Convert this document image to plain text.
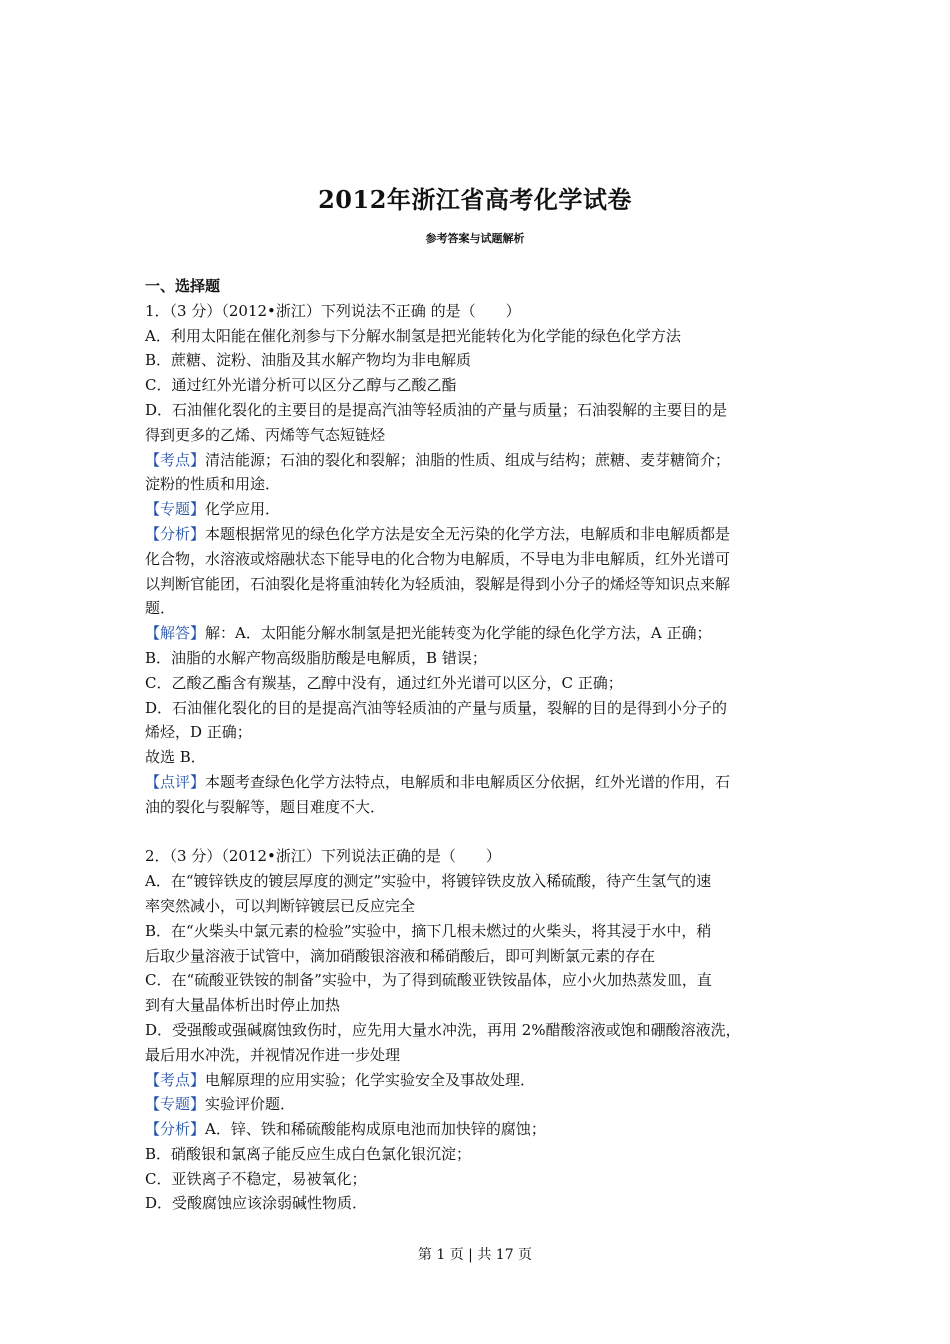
2012年浙江省高考化学试卷
参考答案与试题解析
一、选择题
1．（3 分）（2012•浙江）下列说法不正确 的是（　　）
A．利用太阳能在催化剂参与下分解水制氢是把光能转化为化学能的绿色化学方法
B．蔗糖、淀粉、油脂及其水解产物均为非电解质
C．通过红外光谱分析可以区分乙醇与乙酸乙酯
D．石油催化裂化的主要目的是提高汽油等轻质油的产量与质量；石油裂解的主要目的是
得到更多的乙烯、丙烯等气态短链烃
【考点】清洁能源；石油的裂化和裂解；油脂的性质、组成与结构；蔗糖、麦芽糖简介；
淀粉的性质和用途．
【专题】化学应用．
【分析】本题根据常见的绿色化学方法是安全无污染的化学方法，电解质和非电解质都是
化合物，水溶液或熔融状态下能导电的化合物为电解质，不导电为非电解质，红外光谱可
以判断官能团，石油裂化是将重油转化为轻质油，裂解是得到小分子的烯烃等知识点来解
题．
【解答】解：A．太阳能分解水制氢是把光能转变为化学能的绿色化学方法，A 正确；
B．油脂的水解产物高级脂肪酸是电解质，B 错误；
C．乙酸乙酯含有羰基，乙醇中没有，通过红外光谱可以区分，C 正确；
D．石油催化裂化的目的是提高汽油等轻质油的产量与质量，裂解的目的是得到小分子的
烯烃，D 正确；
故选 B．
【点评】本题考查绿色化学方法特点，电解质和非电解质区分依据，红外光谱的作用，石
油的裂化与裂解等，题目难度不大．
2．（3 分）（2012•浙江）下列说法正确的是（　　）
A．在“镀锌铁皮的镀层厚度的测定”实验中，将镀锌铁皮放入稀硫酸，待产生氢气的速
率突然减小，可以判断锌镀层已反应完全
B．在“火柴头中氯元素的检验”实验中，摘下几根未燃过的火柴头，将其浸于水中，稍
后取少量溶液于试管中，滴加硝酸银溶液和稀硝酸后，即可判断氯元素的存在
C．在“硫酸亚铁铵的制备”实验中，为了得到硫酸亚铁铵晶体，应小火加热蒸发皿，直
到有大量晶体析出时停止加热
D．受强酸或强碱腐蚀致伤时，应先用大量水冲洗，再用 2%醋酸溶液或饱和硼酸溶液洗，
最后用水冲洗，并视情况作进一步处理
【考点】电解原理的应用实验；化学实验安全及事故处理．
【专题】实验评价题．
【分析】A．锌、铁和稀硫酸能构成原电池而加快锌的腐蚀；
B．硝酸银和氯离子能反应生成白色氯化银沉淀；
C．亚铁离子不稳定，易被氧化；
D．受酸腐蚀应该涂弱碱性物质．
第 1 页 | 共 17 页
